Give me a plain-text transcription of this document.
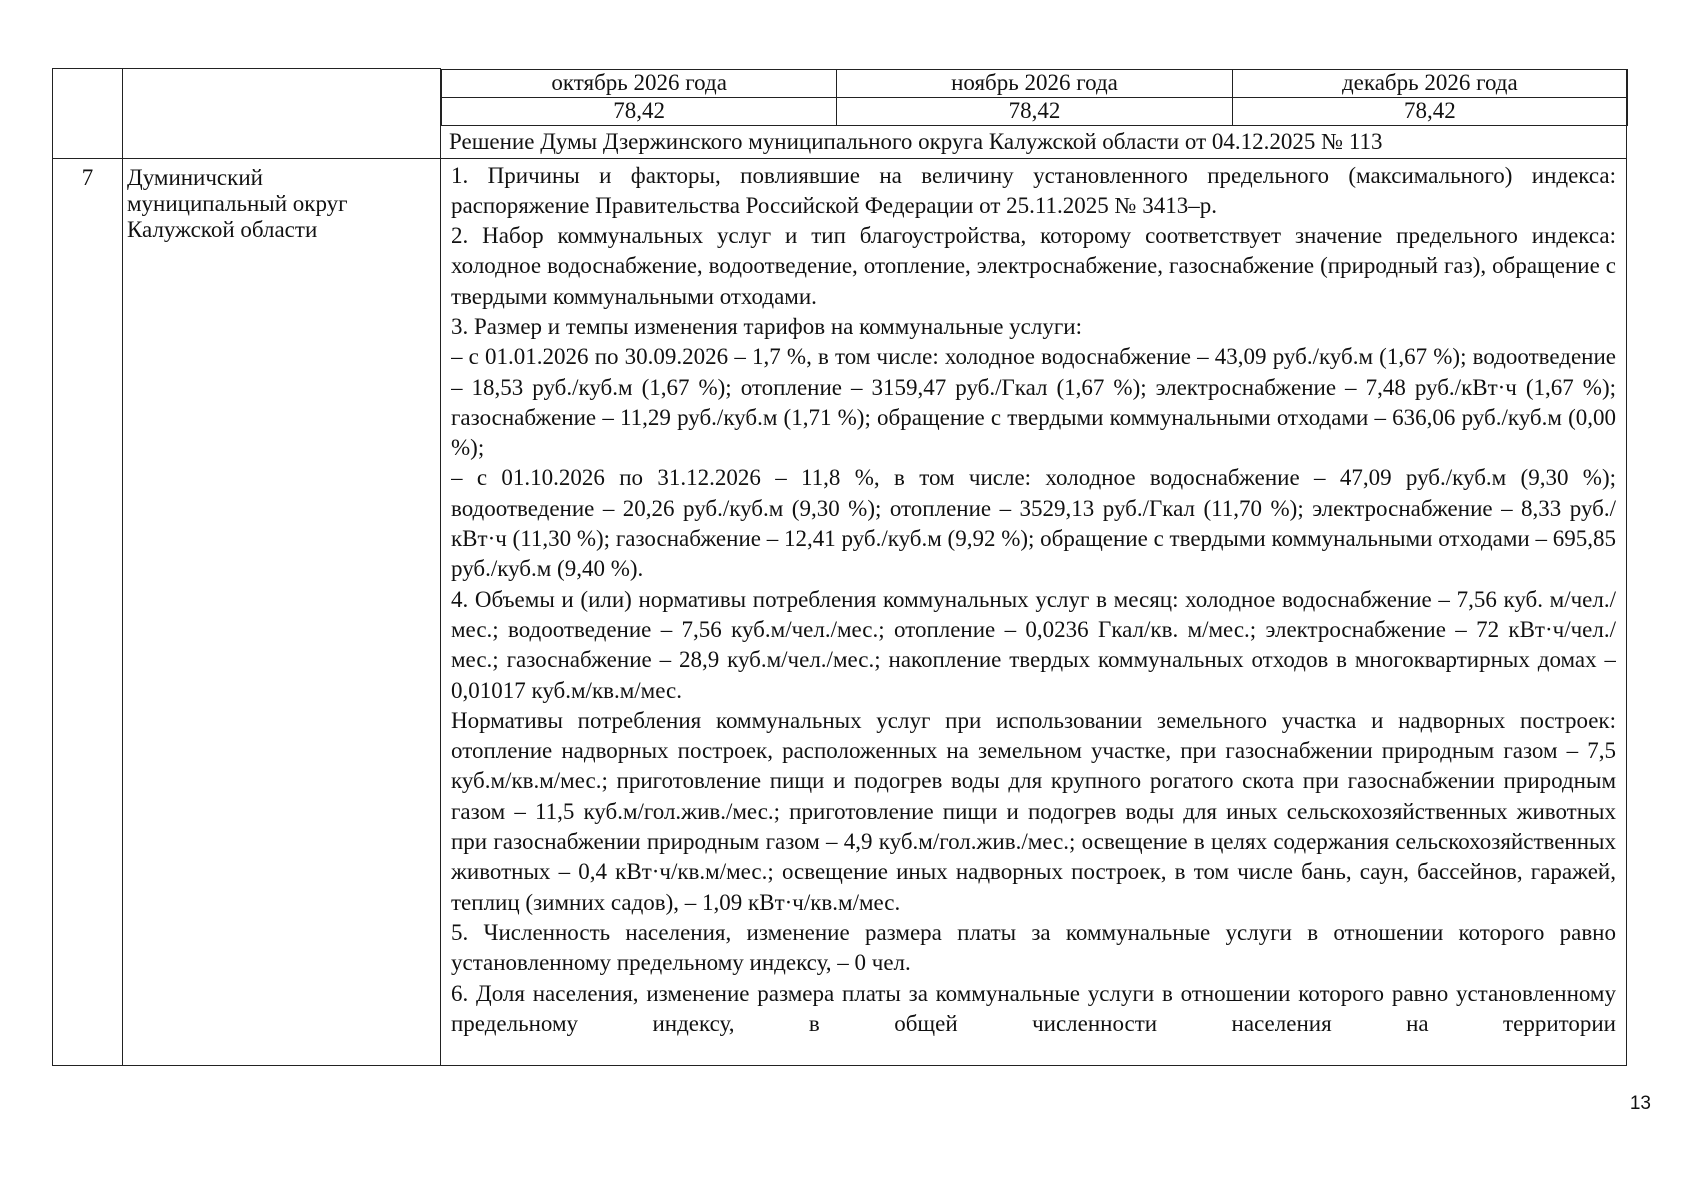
октябрь 2026 года	ноябрь 2026 года	декабрь 2026 года
78,42	78,42	78,42
Решение Думы Дзержинского муниципального округа Калужской области от 04.12.2025 № 113

7	Думиничский муниципальный округ Калужской области

1. Причины и факторы, повлиявшие на величину установленного предельного (максимального) индекса: распоряжение Правительства Российской Федерации от 25.11.2025 № 3413–р.

2. Набор коммунальных услуг и тип благоустройства, которому соответствует значение предельного индекса: холодное водоснабжение, водоотведение, отопление, электроснабжение, газоснабжение (природный газ), обращение с твердыми коммунальными отходами.

3. Размер и темпы изменения тарифов на коммунальные услуги:

– с 01.01.2026 по 30.09.2026 – 1,7 %, в том числе: холодное водоснабжение – 43,09 руб./куб.м (1,67 %); водоотведение – 18,53 руб./куб.м (1,67 %); отопление – 3159,47 руб./Гкал (1,67 %); электроснабжение – 7,48 руб./кВт·ч (1,67 %); газоснабжение – 11,29 руб./куб.м (1,71 %); обращение с твердыми коммунальными отходами – 636,06 руб./куб.м (0,00 %);

– с 01.10.2026 по 31.12.2026 – 11,8 %, в том числе: холодное водоснабжение – 47,09 руб./куб.м (9,30 %); водоотведение – 20,26 руб./куб.м (9,30 %); отопление – 3529,13 руб./Гкал (11,70 %); электроснабжение – 8,33 руб./кВт·ч (11,30 %); газоснабжение – 12,41 руб./куб.м (9,92 %); обращение с твердыми коммунальными отходами – 695,85 руб./куб.м (9,40 %).

4. Объемы и (или) нормативы потребления коммунальных услуг в месяц: холодное водоснабжение – 7,56 куб. м/чел./мес.; водоотведение – 7,56 куб.м/чел./мес.; отопление – 0,0236 Гкал/кв. м/мес.; электроснабжение – 72 кВт·ч/чел./мес.; газоснабжение – 28,9 куб.м/чел./мес.; накопление твердых коммунальных отходов в многоквартирных домах – 0,01017 куб.м/кв.м/мес.

Нормативы потребления коммунальных услуг при использовании земельного участка и надворных построек: отопление надворных построек, расположенных на земельном участке, при газоснабжении природным газом – 7,5 куб.м/кв.м/мес.; приготовление пищи и подогрев воды для крупного рогатого скота при газоснабжении природным газом – 11,5 куб.м/гол.жив./мес.; приготовление пищи и подогрев воды для иных сельскохозяйственных животных при газоснабжении природным газом – 4,9 куб.м/гол.жив./мес.; освещение в целях содержания сельскохозяйственных животных – 0,4 кВт·ч/кв.м/мес.; освещение иных надворных построек, в том числе бань, саун, бассейнов, гаражей, теплиц (зимних садов), – 1,09 кВт·ч/кв.м/мес.

5. Численность населения, изменение размера платы за коммунальные услуги в отношении которого равно установленному предельному индексу, – 0 чел.

6. Доля населения, изменение размера платы за коммунальные услуги в отношении которого равно установленному предельному индексу, в общей численности населения на территории

13
